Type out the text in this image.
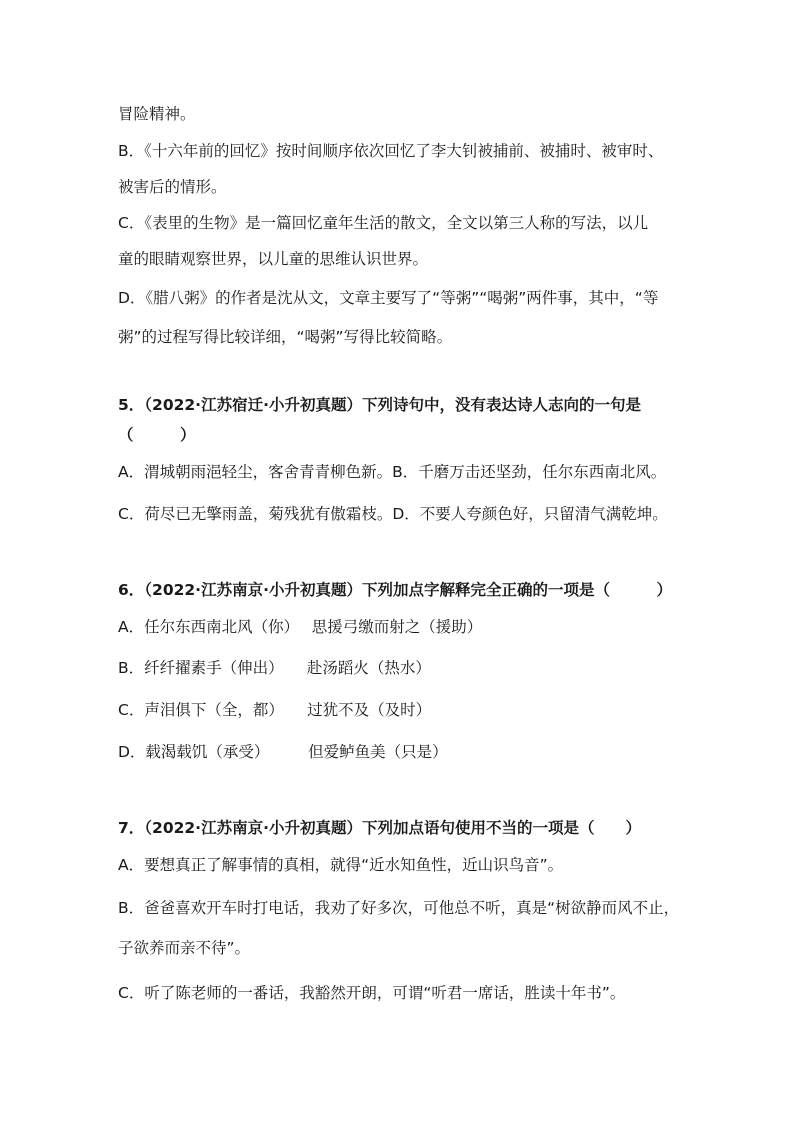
冒险精神。
B．《十六年前的回忆》按时间顺序依次回忆了李大钊被捕前、被捕时、被审时、
被害后的情形。
C．《表里的生物》是一篇回忆童年生活的散文，全文以第三人称的写法，以儿
童的眼睛观察世界，以儿童的思维认识世界。
D．《腊八粥》的作者是沈从文，文章主要写了“等粥”“喝粥”两件事，其中，“等
粥”的过程写得比较详细，“喝粥”写得比较简略。
5．（2022·江苏宿迁·小升初真题）下列诗句中，没有表达诗人志向的一句是
（　　　）
A．渭城朝雨浥轻尘，客舍青青柳色新。B．千磨万击还坚劲，任尔东西南北风。
C．荷尽已无擎雨盖，菊残犹有傲霜枝。D．不要人夸颜色好，只留清气满乾坤。
6．（2022·江苏南京·小升初真题）下列加点字解释完全正确的一项是（　　　）
A．任尔东西南北风（你）　 思援弓缴而射之（援助）
B．纤纤擢素手（伸出）　　赴汤蹈火（热水）
C．声泪俱下（全，都）　　过犹不及（及时）
D．载渴载饥（承受）　　　但爱鲈鱼美（只是）
7．（2022·江苏南京·小升初真题）下列加点语句使用不当的一项是（　　）
A．要想真正了解事情的真相，就得“近水知鱼性，近山识鸟音”。
B．爸爸喜欢开车时打电话，我劝了好多次，可他总不听，真是“树欲静而风不止，
子欲养而亲不待”。
C．听了陈老师的一番话，我豁然开朗，可谓“听君一席话，胜读十年书”。
